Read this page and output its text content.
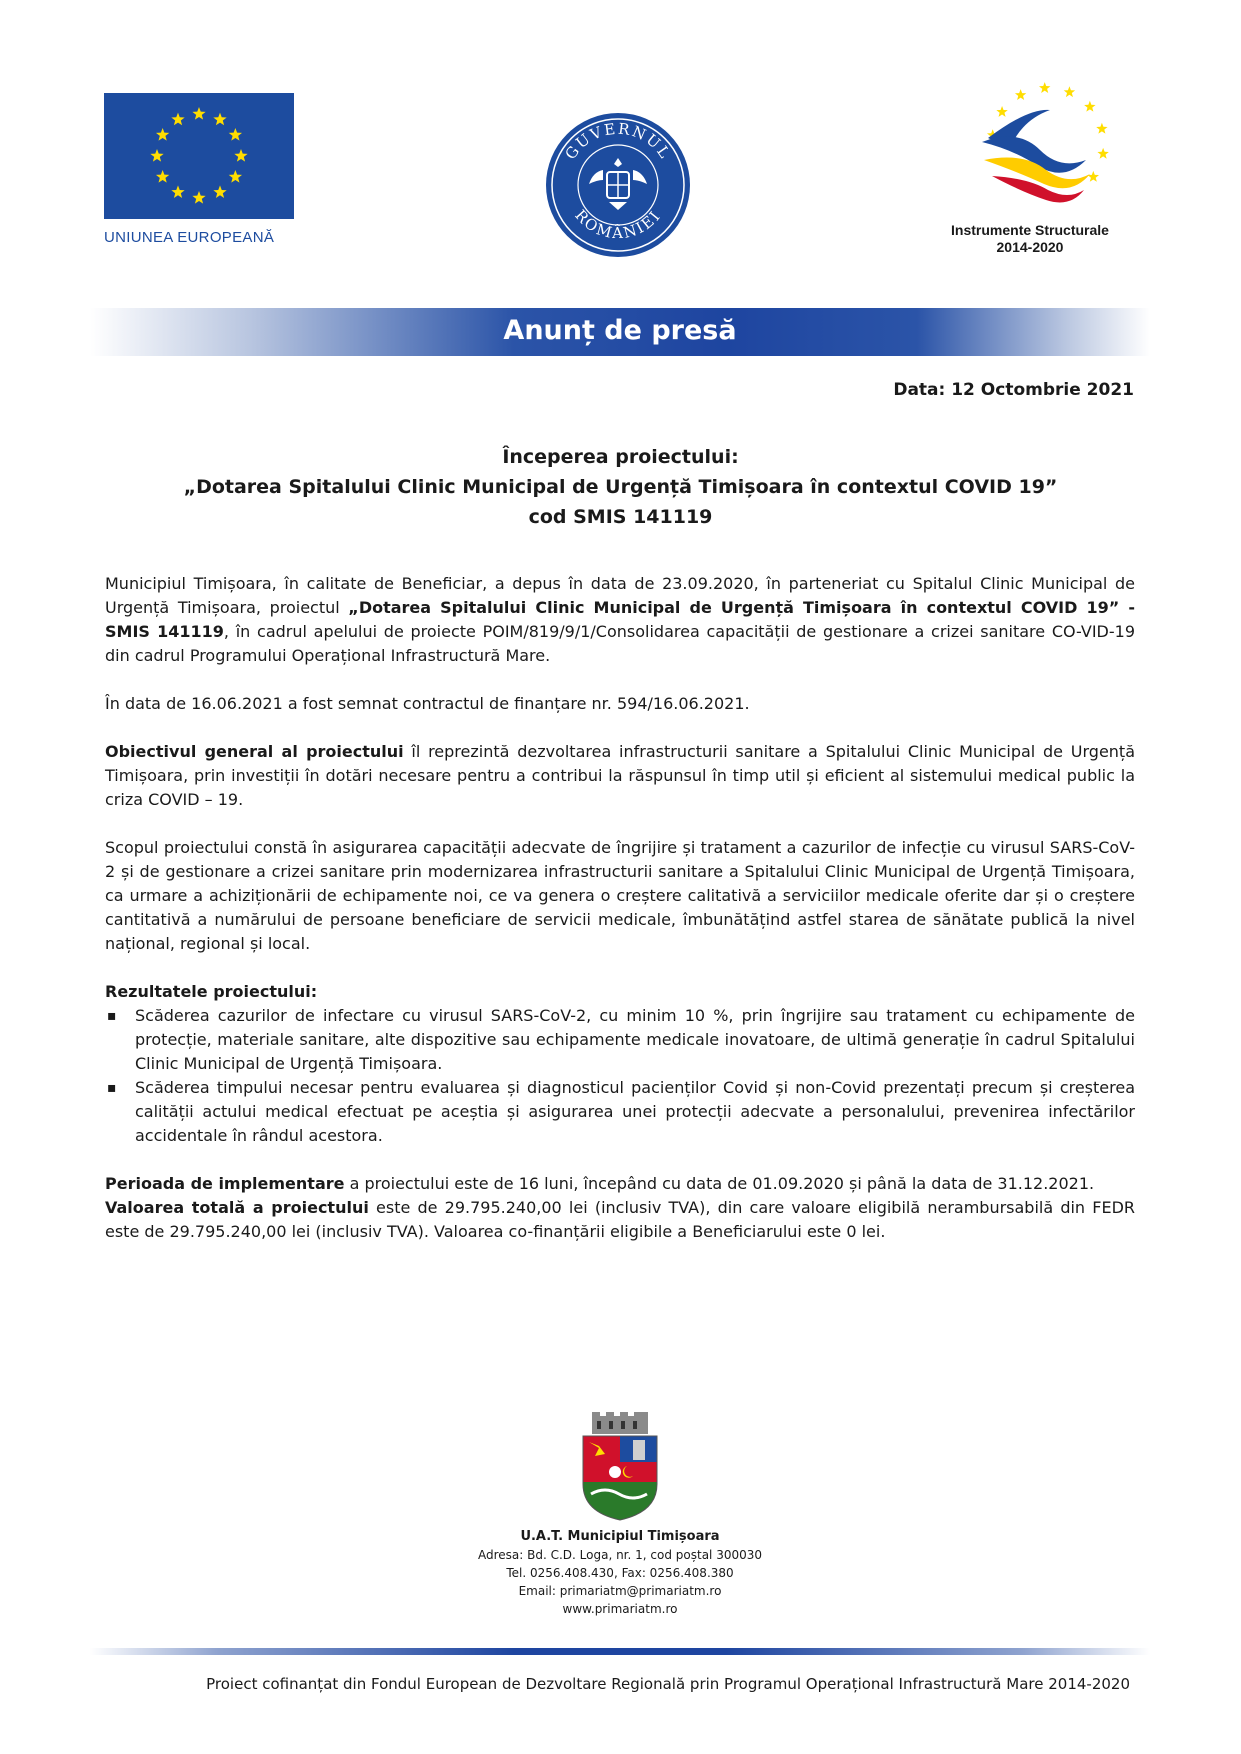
UNIUNEA EUROPEANĂ
GUVERNUL
ROMÂNIEI
Instrumente Structurale
2014-2020
Anunț de presă
Data: 12 Octombrie 2021
Începerea proiectului:
„Dotarea Spitalului Clinic Municipal de Urgență Timișoara în contextul COVID 19”
cod SMIS 141119

Municipiul Timișoara, în calitate de Beneficiar, a depus în data de 23.09.2020, în parteneriat cu Spitalul Clinic Municipal de Urgență Timișoara, proiectul „Dotarea Spitalului Clinic Municipal de Urgență Timișoara în contextul COVID 19” - SMIS 141119, în cadrul apelului de proiecte POIM/819/9/1/Consolidarea capacității de gestionare a crizei sanitare CO-VID-19 din cadrul Programului Operațional Infrastructură Mare.

În data de 16.06.2021 a fost semnat contractul de finanțare nr. 594/16.06.2021.

Obiectivul general al proiectului îl reprezintă dezvoltarea infrastructurii sanitare a Spitalului Clinic Municipal de Urgență Timișoara, prin investiții în dotări necesare pentru a contribui la răspunsul în timp util și eficient al sistemului medical public la criza COVID – 19.

Scopul proiectului constă în asigurarea capacității adecvate de îngrijire și tratament a cazurilor de infecție cu virusul SARS-CoV-2 și de gestionare a crizei sanitare prin modernizarea infrastructurii sanitare a Spitalului Clinic Municipal de Urgență Timișoara, ca urmare a achiziționării de echipamente noi, ce va genera o creștere calitativă a serviciilor medicale oferite dar și o creștere cantitativă a numărului de persoane beneficiare de servicii medicale, îmbunătățind astfel starea de sănătate publică la nivel național, regional și local.

Rezultatele proiectului:

▪ Scăderea cazurilor de infectare cu virusul SARS-CoV-2, cu minim 10 %, prin îngrijire sau tratament cu echipamente de protecție, materiale sanitare, alte dispozitive sau echipamente medicale inovatoare, de ultimă generație în cadrul Spitalului Clinic Municipal de Urgență Timișoara.
▪ Scăderea timpului necesar pentru evaluarea și diagnosticul pacienților Covid și non-Covid prezentați precum și creșterea calității actului medical efectuat pe aceștia și asigurarea unei protecții adecvate a personalului, prevenirea infectărilor accidentale în rândul acestora.

Perioada de implementare a proiectului este de 16 luni, începând cu data de 01.09.2020 și până la data de 31.12.2021.

Valoarea totală a proiectului este de 29.795.240,00 lei (inclusiv TVA), din care valoare eligibilă nerambursabilă din FEDR este de 29.795.240,00 lei (inclusiv TVA). Valoarea co-finanțării eligibile a Beneficiarului este 0 lei.

U.A.T. Municipiul Timișoara
Adresa: Bd. C.D. Loga, nr. 1, cod poștal 300030
Tel. 0256.408.430, Fax: 0256.408.380
Email: primariatm@primariatm.ro
www.primariatm.ro
Proiect cofinanțat din Fondul European de Dezvoltare Regională prin Programul Operațional Infrastructură Mare 2014-2020
